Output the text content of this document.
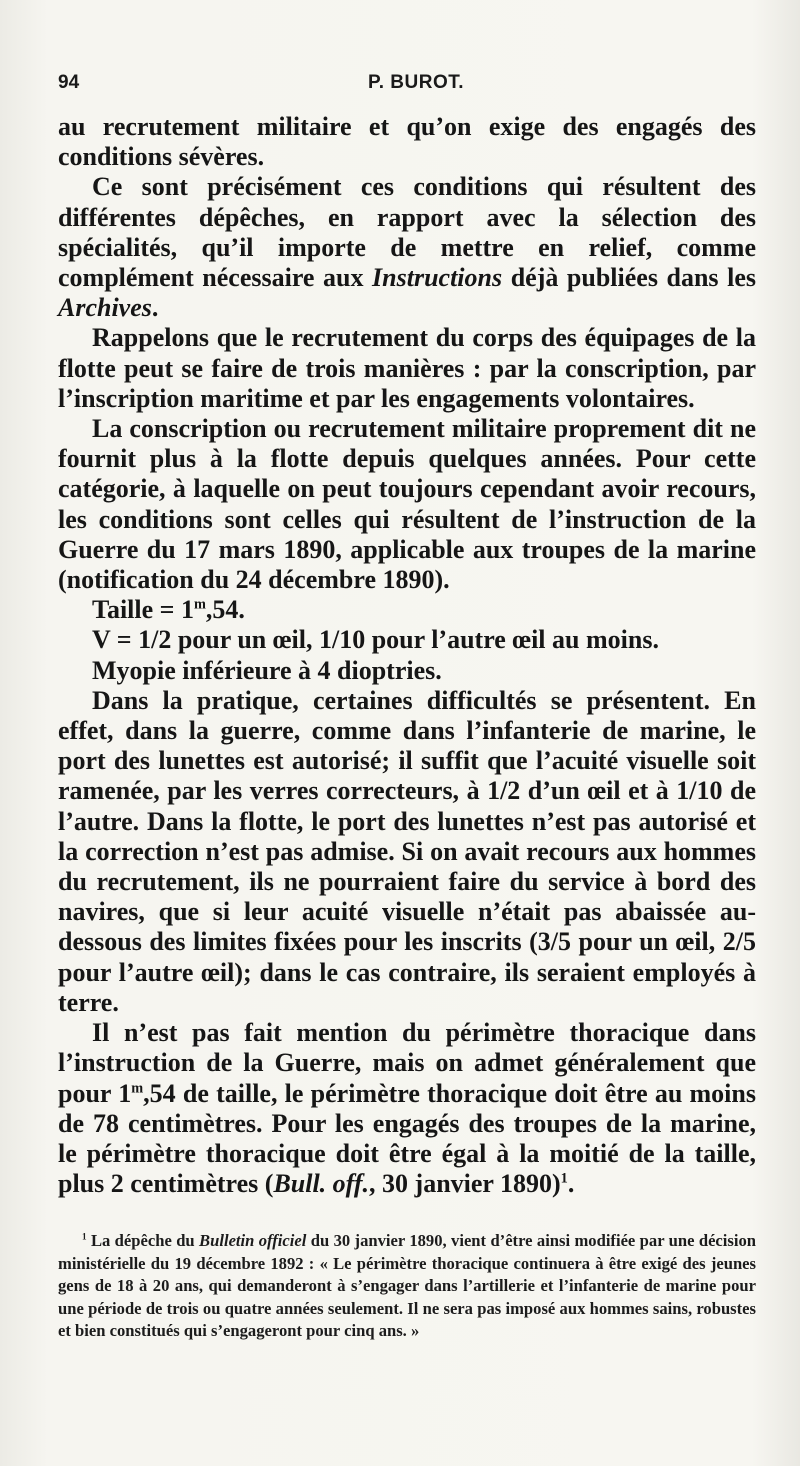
94	P. BUROT.

au recrutement militaire et qu’on exige des engagés des conditions sévères.

Ce sont précisément ces conditions qui résultent des différentes dépêches, en rapport avec la sélection des spécialités, qu’il importe de mettre en relief, comme complément nécessaire aux Instructions déjà publiées dans les Archives.

Rappelons que le recrutement du corps des équipages de la flotte peut se faire de trois manières : par la conscription, par l’inscription maritime et par les engagements volontaires.

La conscription ou recrutement militaire proprement dit ne fournit plus à la flotte depuis quelques années. Pour cette catégorie, à laquelle on peut toujours cependant avoir recours, les conditions sont celles qui résultent de l’instruction de la Guerre du 17 mars 1890, applicable aux troupes de la marine (notification du 24 décembre 1890).

Taille = $1^m,54$.

V = 1/2 pour un œil, 1/10 pour l’autre œil au moins.

Myopie inférieure à 4 dioptries.

Dans la pratique, certaines difficultés se présentent. En effet, dans la guerre, comme dans l’infanterie de marine, le port des lunettes est autorisé; il suffit que l’acuité visuelle soit ramenée, par les verres correcteurs, à 1/2 d’un œil et à 1/10 de l’autre. Dans la flotte, le port des lunettes n’est pas autorisé et la correction n’est pas admise. Si on avait recours aux hommes du recrutement, ils ne pourraient faire du service à bord des navires, que si leur acuité visuelle n’était pas abaissée au-dessous des limites fixées pour les inscrits (3/5 pour un œil, 2/5 pour l’autre œil); dans le cas contraire, ils seraient employés à terre.

Il n’est pas fait mention du périmètre thoracique dans l’instruction de la Guerre, mais on admet généralement que pour 1$^m$,54 de taille, le périmètre thoracique doit être au moins de 78 centimètres. Pour les engagés des troupes de la marine, le périmètre thoracique doit être égal à la moitié de la taille, plus 2 centimètres (Bull. off., 30 janvier 1890)$^1$.

$^1$ La dépêche du Bulletin officiel du 30 janvier 1890, vient d’être ainsi modifiée par une décision ministérielle du 19 décembre 1892 : « Le périmètre thoracique continuera à être exigé des jeunes gens de 18 à 20 ans, qui demanderont à s’engager dans l’artillerie et l’infanterie de marine pour une période de trois ou quatre années seulement. Il ne sera pas imposé aux hommes sains, robustes et bien constitués qui s’engageront pour cinq ans. »
